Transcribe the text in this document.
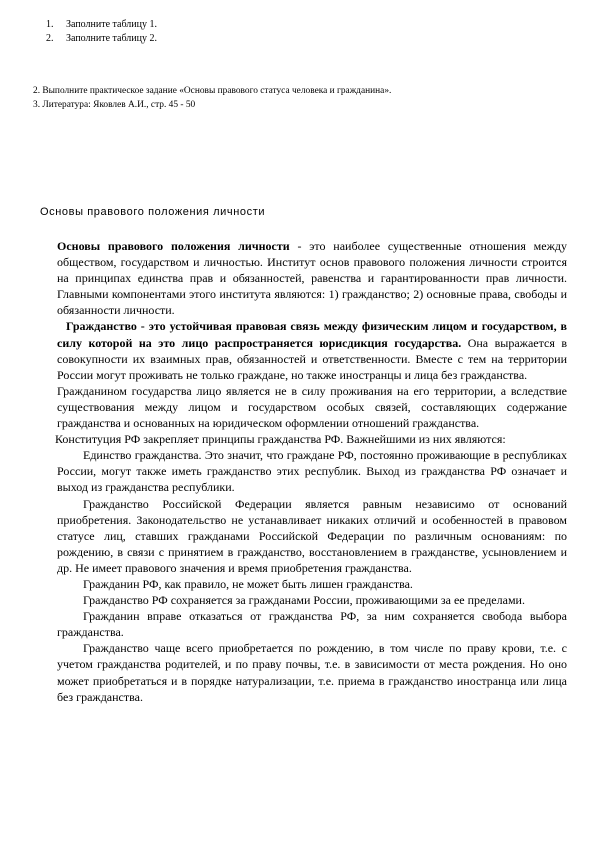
1.	Заполните таблицу 1.
2.	Заполните таблицу 2.
2. Выполните практическое задание «Основы правового статуса человека и гражданина».
3. Литература: Яковлев А.И., стр. 45 - 50
Основы правового положения личности

Основы правового положения личности - это наиболее существенные отношения между обществом, государством и личностью. Институт основ правового положения личности строится на принципах единства прав и обязанностей, равенства и гарантированности прав личности. Главными компонентами этого института являются: 1) гражданство; 2) основные права, свободы и обязанности личности.

Гражданство - это устойчивая правовая связь между физическим лицом и государством, в силу которой на это лицо распространяется юрисдикция государства. Она выражается в совокупности их взаимных прав, обязанностей и ответственности. Вместе с тем на территории России могут проживать не только граждане, но также иностранцы и лица без гражданства.

Гражданином государства лицо является не в силу проживания на его территории, а вследствие существования между лицом и государством особых связей, составляющих содержание гражданства и основанных на юридическом оформлении отношений гражданства.

Конституция РФ закрепляет принципы гражданства РФ. Важнейшими из них являются:

Единство гражданства. Это значит, что граждане РФ, постоянно проживающие в республиках России, могут также иметь гражданство этих республик. Выход из гражданства РФ означает и выход из гражданства республики.

Гражданство Российской Федерации является равным независимо от оснований приобретения. Законодательство не устанавливает никаких отличий и особенностей в правовом статусе лиц, ставших гражданами Российской Федерации по различным основаниям: по рождению, в связи с принятием в гражданство, восстановлением в гражданстве, усыновлением и др. Не имеет правового значения и время приобретения гражданства.

Гражданин РФ, как правило, не может быть лишен гражданства.

Гражданство РФ сохраняется за гражданами России, проживающими за ее пределами.

Гражданин вправе отказаться от гражданства РФ, за ним сохраняется свобода выбора гражданства.

Гражданство чаще всего приобретается по рождению, в том числе по праву крови, т.е. с учетом гражданства родителей, и по праву почвы, т.е. в зависимости от места рождения. Но оно может приобретаться и в порядке натурализации, т.е. приема в гражданство иностранца или лица без гражданства.
